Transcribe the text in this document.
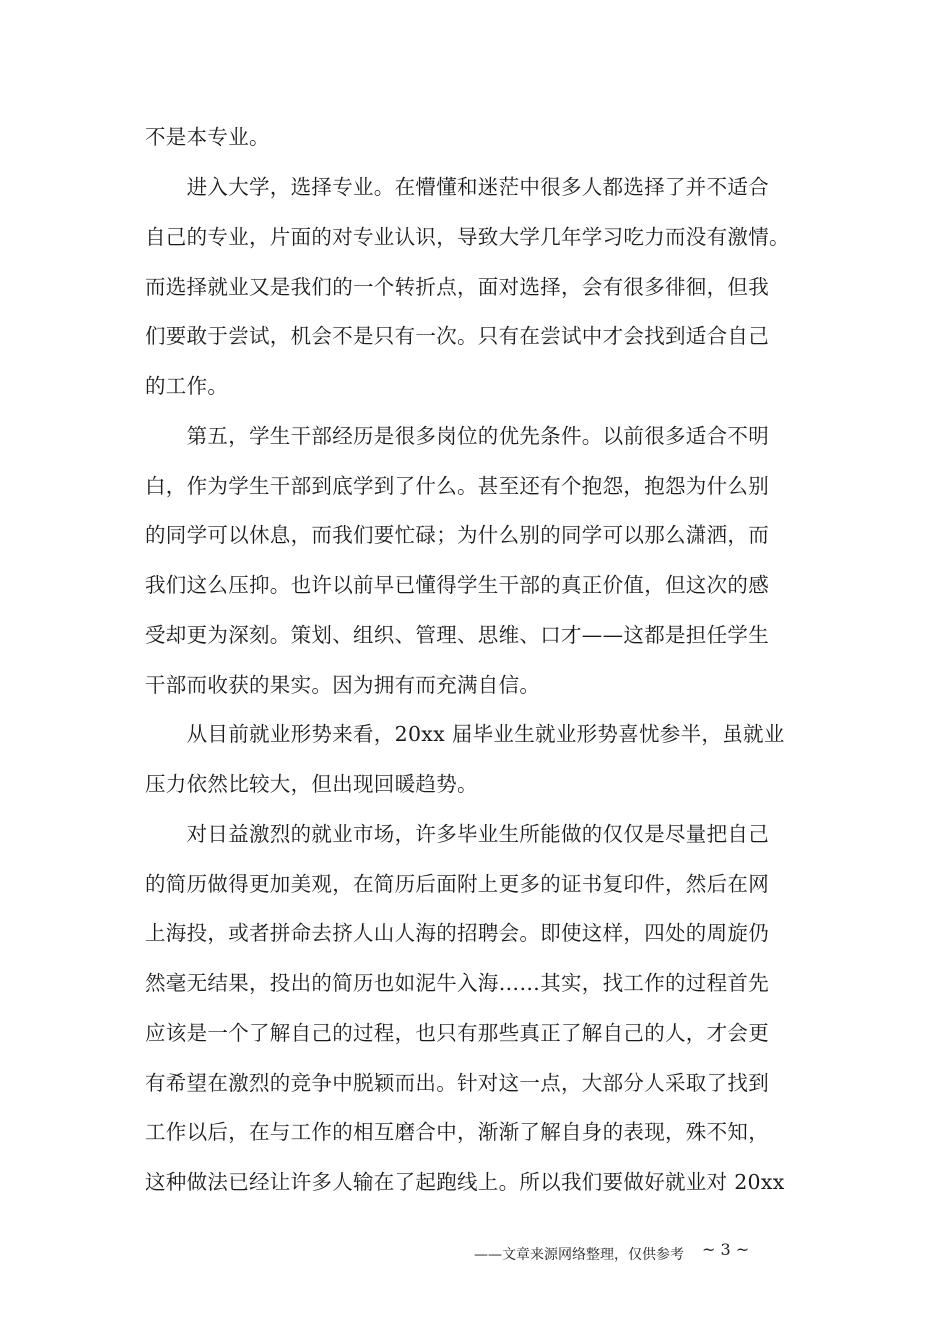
不是本专业。
　　进入大学，选择专业。在懵懂和迷茫中很多人都选择了并不适合
自己的专业，片面的对专业认识，导致大学几年学习吃力而没有激情。
而选择就业又是我们的一个转折点，面对选择，会有很多徘徊，但我
们要敢于尝试，机会不是只有一次。只有在尝试中才会找到适合自己
的工作。
　　第五，学生干部经历是很多岗位的优先条件。以前很多适合不明
白，作为学生干部到底学到了什么。甚至还有个抱怨，抱怨为什么别
的同学可以休息，而我们要忙碌；为什么别的同学可以那么潇洒，而
我们这么压抑。也许以前早已懂得学生干部的真正价值，但这次的感
受却更为深刻。策划、组织、管理、思维、口才——这都是担任学生
干部而收获的果实。因为拥有而充满自信。
　　从目前就业形势来看，20xx 届毕业生就业形势喜忧参半，虽就业
压力依然比较大，但出现回暖趋势。
　　对日益激烈的就业市场，许多毕业生所能做的仅仅是尽量把自己
的简历做得更加美观，在简历后面附上更多的证书复印件，然后在网
上海投，或者拼命去挤人山人海的招聘会。即使这样，四处的周旋仍
然毫无结果，投出的简历也如泥牛入海……其实，找工作的过程首先
应该是一个了解自己的过程，也只有那些真正了解自己的人，才会更
有希望在激烈的竞争中脱颖而出。针对这一点，大部分人采取了找到
工作以后，在与工作的相互磨合中，渐渐了解自身的表现，殊不知，
这种做法已经让许多人输在了起跑线上。所以我们要做好就业对 20xx
——文章来源网络整理，仅供参考 ~ 3 ~
